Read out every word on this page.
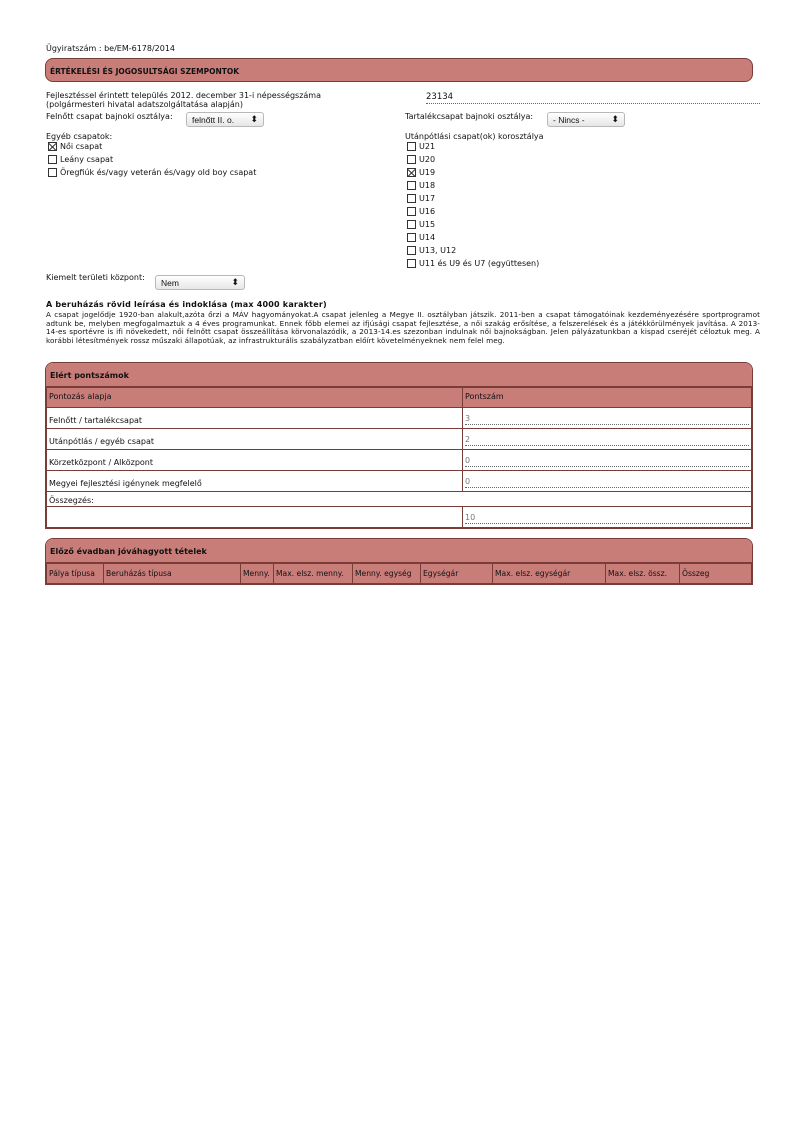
Ügyiratszám : be/EM-6178/2014
ÉRTÉKELÉSI ÉS JOGOSULTSÁGI SZEMPONTOK
Fejlesztéssel érintett település 2012. december 31-i népességszáma
(polgármesteri hivatal adatszolgáltatása alapján)
23134
Felnőtt csapat bajnoki osztálya:	felnőtt II. o. ⬍	Tartalékcsapat bajnoki osztálya:	- Nincs -	⬍
Egyéb csapatok:
Női csapat
Leány csapat
Öregfiúk és/vagy veterán és/vagy old boy csapat
Utánpótlási csapat(ok) korosztálya
U21
U20
U19
U18
U17
U16
U15
U14
U13, U12
U11 és U9 és U7 (együttesen)
Kiemelt területi központ:
Nem	⬍
A beruházás rövid leírása és indoklása (max 4000 karakter)
A csapat jogelődje 1920-ban alakult,azóta őrzi a MÁV hagyományokat.A csapat jelenleg a Megye II. osztályban játszik. 2011-ben a csapat támogatóinak kezdeményezésére sportprogramot adtunk be, melyben megfogalmaztuk a 4 éves programunkat. Ennek főbb elemei az ifjúsági csapat fejlesztése, a női szakág erősítése, a felszerelések és a játékkörülmények javítása. A 2013-14-es sportévre is ifi növekedett, női felnőtt csapat összeállítása körvonalazódik, a 2013-14.es szezonban indulnak női bajnokságban. Jelen pályázatunkban a kispad cseréjét céloztuk meg. A korábbi létesítmények rossz műszaki állapotúak, az infrastrukturális szabályzatban előírt követelményeknek nem felel meg.
Elért pontszámok
Pontozás alapja	Pontszám
Felnőtt / tartalékcsapat	3

Utánpótlás / egyéb csapat	2

Körzetközpont / Alközpont	0

Megyei fejlesztési igénynek megfelelő	0

Összegzés:	

	10
Előző évadban jóváhagyott tételek
Pálya típusa	Beruházás típusa	Menny.	Max. elsz. menny.	Menny. egység	Egységár	Max. elsz. egységár	Max. elsz. össz.	Összeg
